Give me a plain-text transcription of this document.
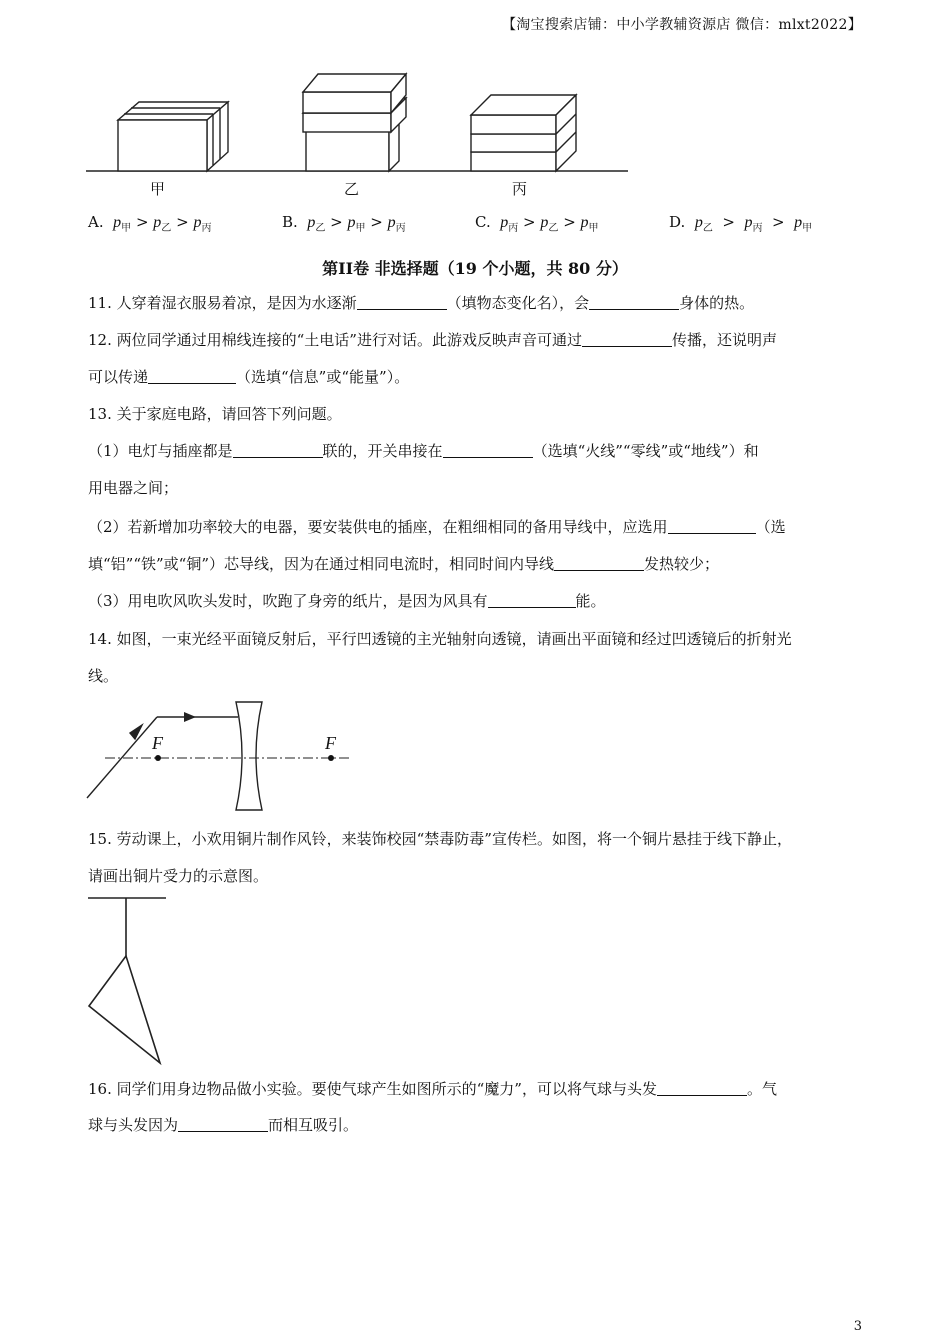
【淘宝搜索店铺：中小学教辅资源店 微信：mlxt2022】
甲	乙	丙
A. $p_甲 > p_乙 > p_丙$	B. $p_乙 > p_甲 > p_丙$	C. $p_丙 > p_乙 > p_甲$	D. $p_乙 > p_丙 > p_甲$
第II卷 非选择题（19 个小题，共 80 分）
11. 人穿着湿衣服易着凉，是因为水逐渐	（填物态变化名），会	身体的热。
12. 两位同学通过用棉线连接的“土电话”进行对话。此游戏反映声音可通过	传播，还说明声
可以传递	（选填“信息”或“能量”）。
13. 关于家庭电路，请回答下列问题。
（1）电灯与插座都是	联的，开关串接在	（选填“火线”“零线”或“地线”）和
用电器之间；
（2）若新增加功率较大的电器，要安装供电的插座，在粗细相同的备用导线中，应选用	（选
填“铝”“铁”或“铜”）芯导线，因为在通过相同电流时，相同时间内导线	发热较少；
（3）用电吹风吹头发时，吹跑了身旁的纸片，是因为风具有	能。
14. 如图，一束光经平面镜反射后，平行凹透镜的主光轴射向透镜，请画出平面镜和经过凹透镜后的折射光
线。
F	F
15. 劳动课上，小欢用铜片制作风铃，来装饰校园“禁毒防毒”宣传栏。如图，将一个铜片悬挂于线下静止，
请画出铜片受力的示意图。
16. 同学们用身边物品做小实验。要使气球产生如图所示的“魔力”，可以将气球与头发	。气
球与头发因为	而相互吸引。
3
